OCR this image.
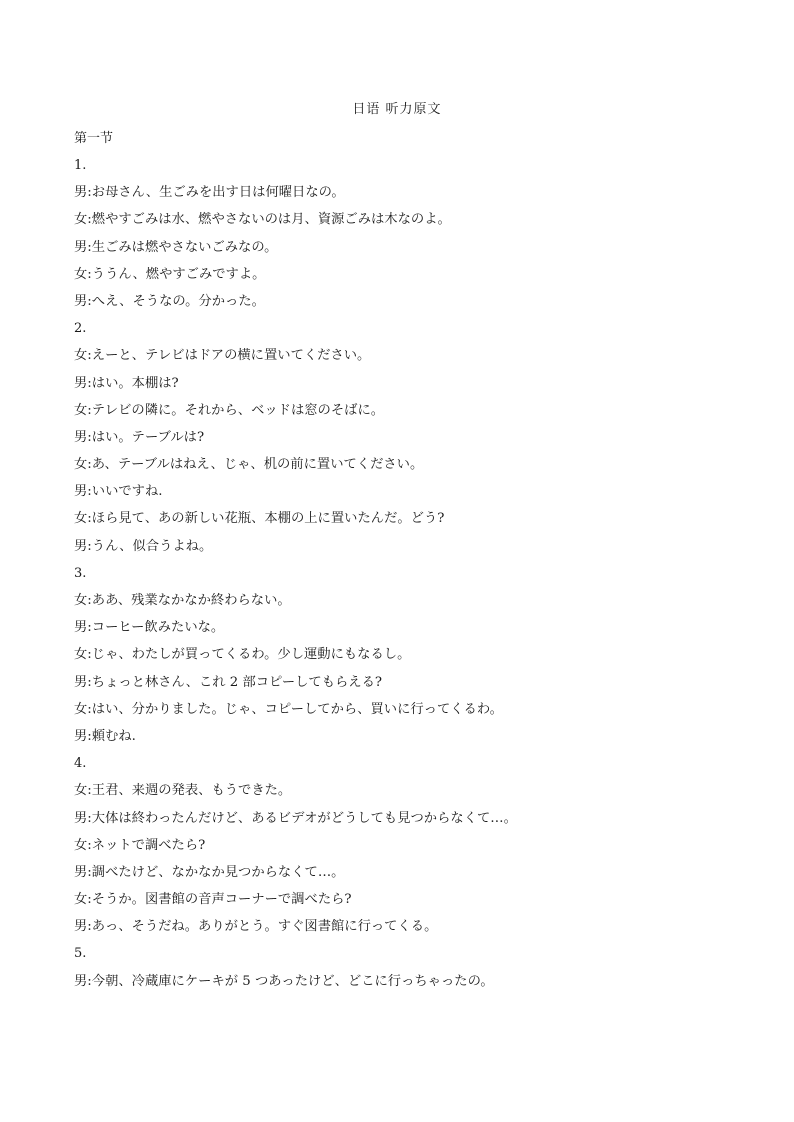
日语 听力原文
第一节
1.
男:お母さん、生ごみを出す日は何曜日なの。
女:燃やすごみは水、燃やさないのは月、資源ごみは木なのよ。
男:生ごみは燃やさないごみなの。
女:ううん、燃やすごみですよ。
男:へえ、そうなの。分かった。
2.
女:えーと、テレビはドアの横に置いてください。
男:はい。本棚は?
女:テレビの隣に。それから、ベッドは窓のそばに。
男:はい。テーブルは?
女:あ、テーブルはねえ、じゃ、机の前に置いてください。
男:いいですね.
女:ほら見て、あの新しい花瓶、本棚の上に置いたんだ。どう?
男:うん、似合うよね。
3.
女:ああ、残業なかなか終わらない。
男:コーヒー飲みたいな。
女:じゃ、わたしが買ってくるわ。少し運動にもなるし。
男:ちょっと林さん、これ 2 部コピーしてもらえる?
女:はい、分かりました。じゃ、コピーしてから、買いに行ってくるわ。
男:頼むね.
4.
女:王君、来週の発表、もうできた。
男:大体は終わったんだけど、あるビデオがどうしても見つからなくて…。
女:ネットで調べたら?
男:調べたけど、なかなか見つからなくて…。
女:そうか。図書館の音声コーナーで調べたら?
男:あっ、そうだね。ありがとう。すぐ図書館に行ってくる。
5.
男:今朝、冷蔵庫にケーキが 5 つあったけど、どこに行っちゃったの。
